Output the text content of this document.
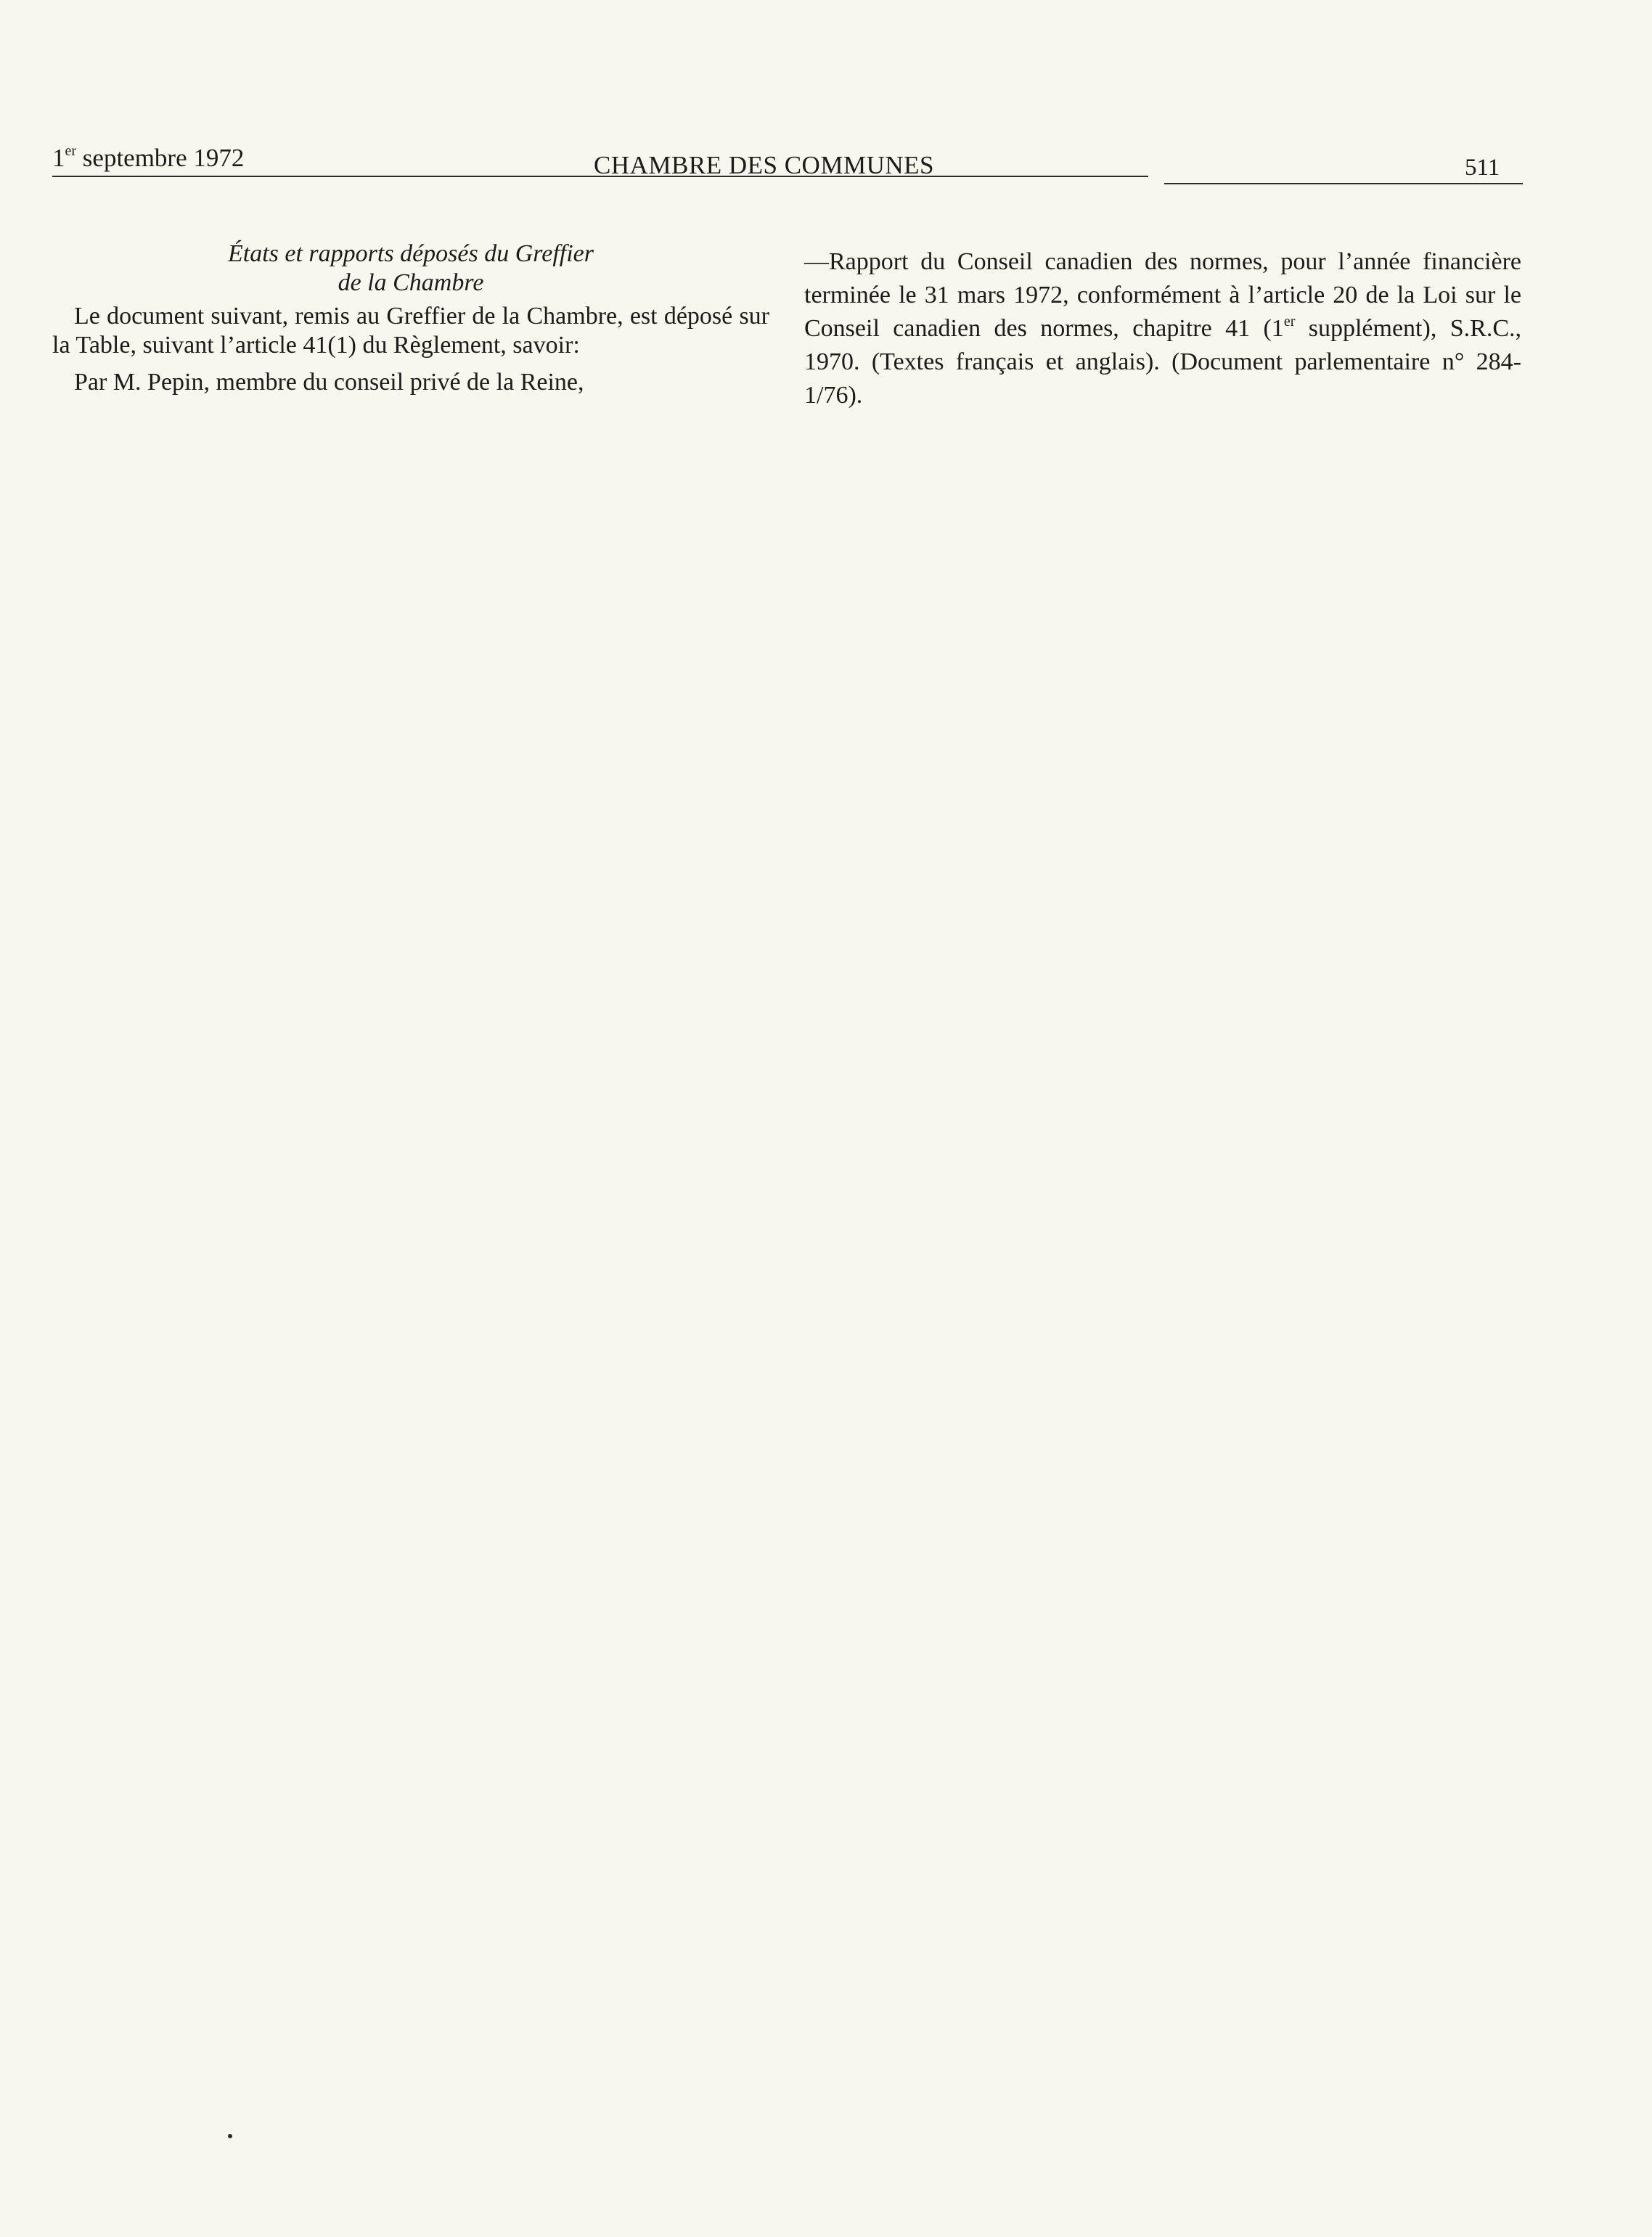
1er septembre 1972	CHAMBRE DES COMMUNES	511

États et rapports déposés du Greffier

de la Chambre

Le document suivant, remis au Greffier de la Chambre, est déposé sur la Table, suivant l’article 41(1) du Règlement, savoir:

Par M. Pepin, membre du conseil privé de la Reine,

—Rapport du Conseil canadien des normes, pour l’année financière terminée le 31 mars 1972, conformément à l’article 20 de la Loi sur le Conseil canadien des normes, chapitre 41 (1er supplément), S.R.C., 1970. (Textes français et anglais). (Document parlementaire n° 284-1/76).
